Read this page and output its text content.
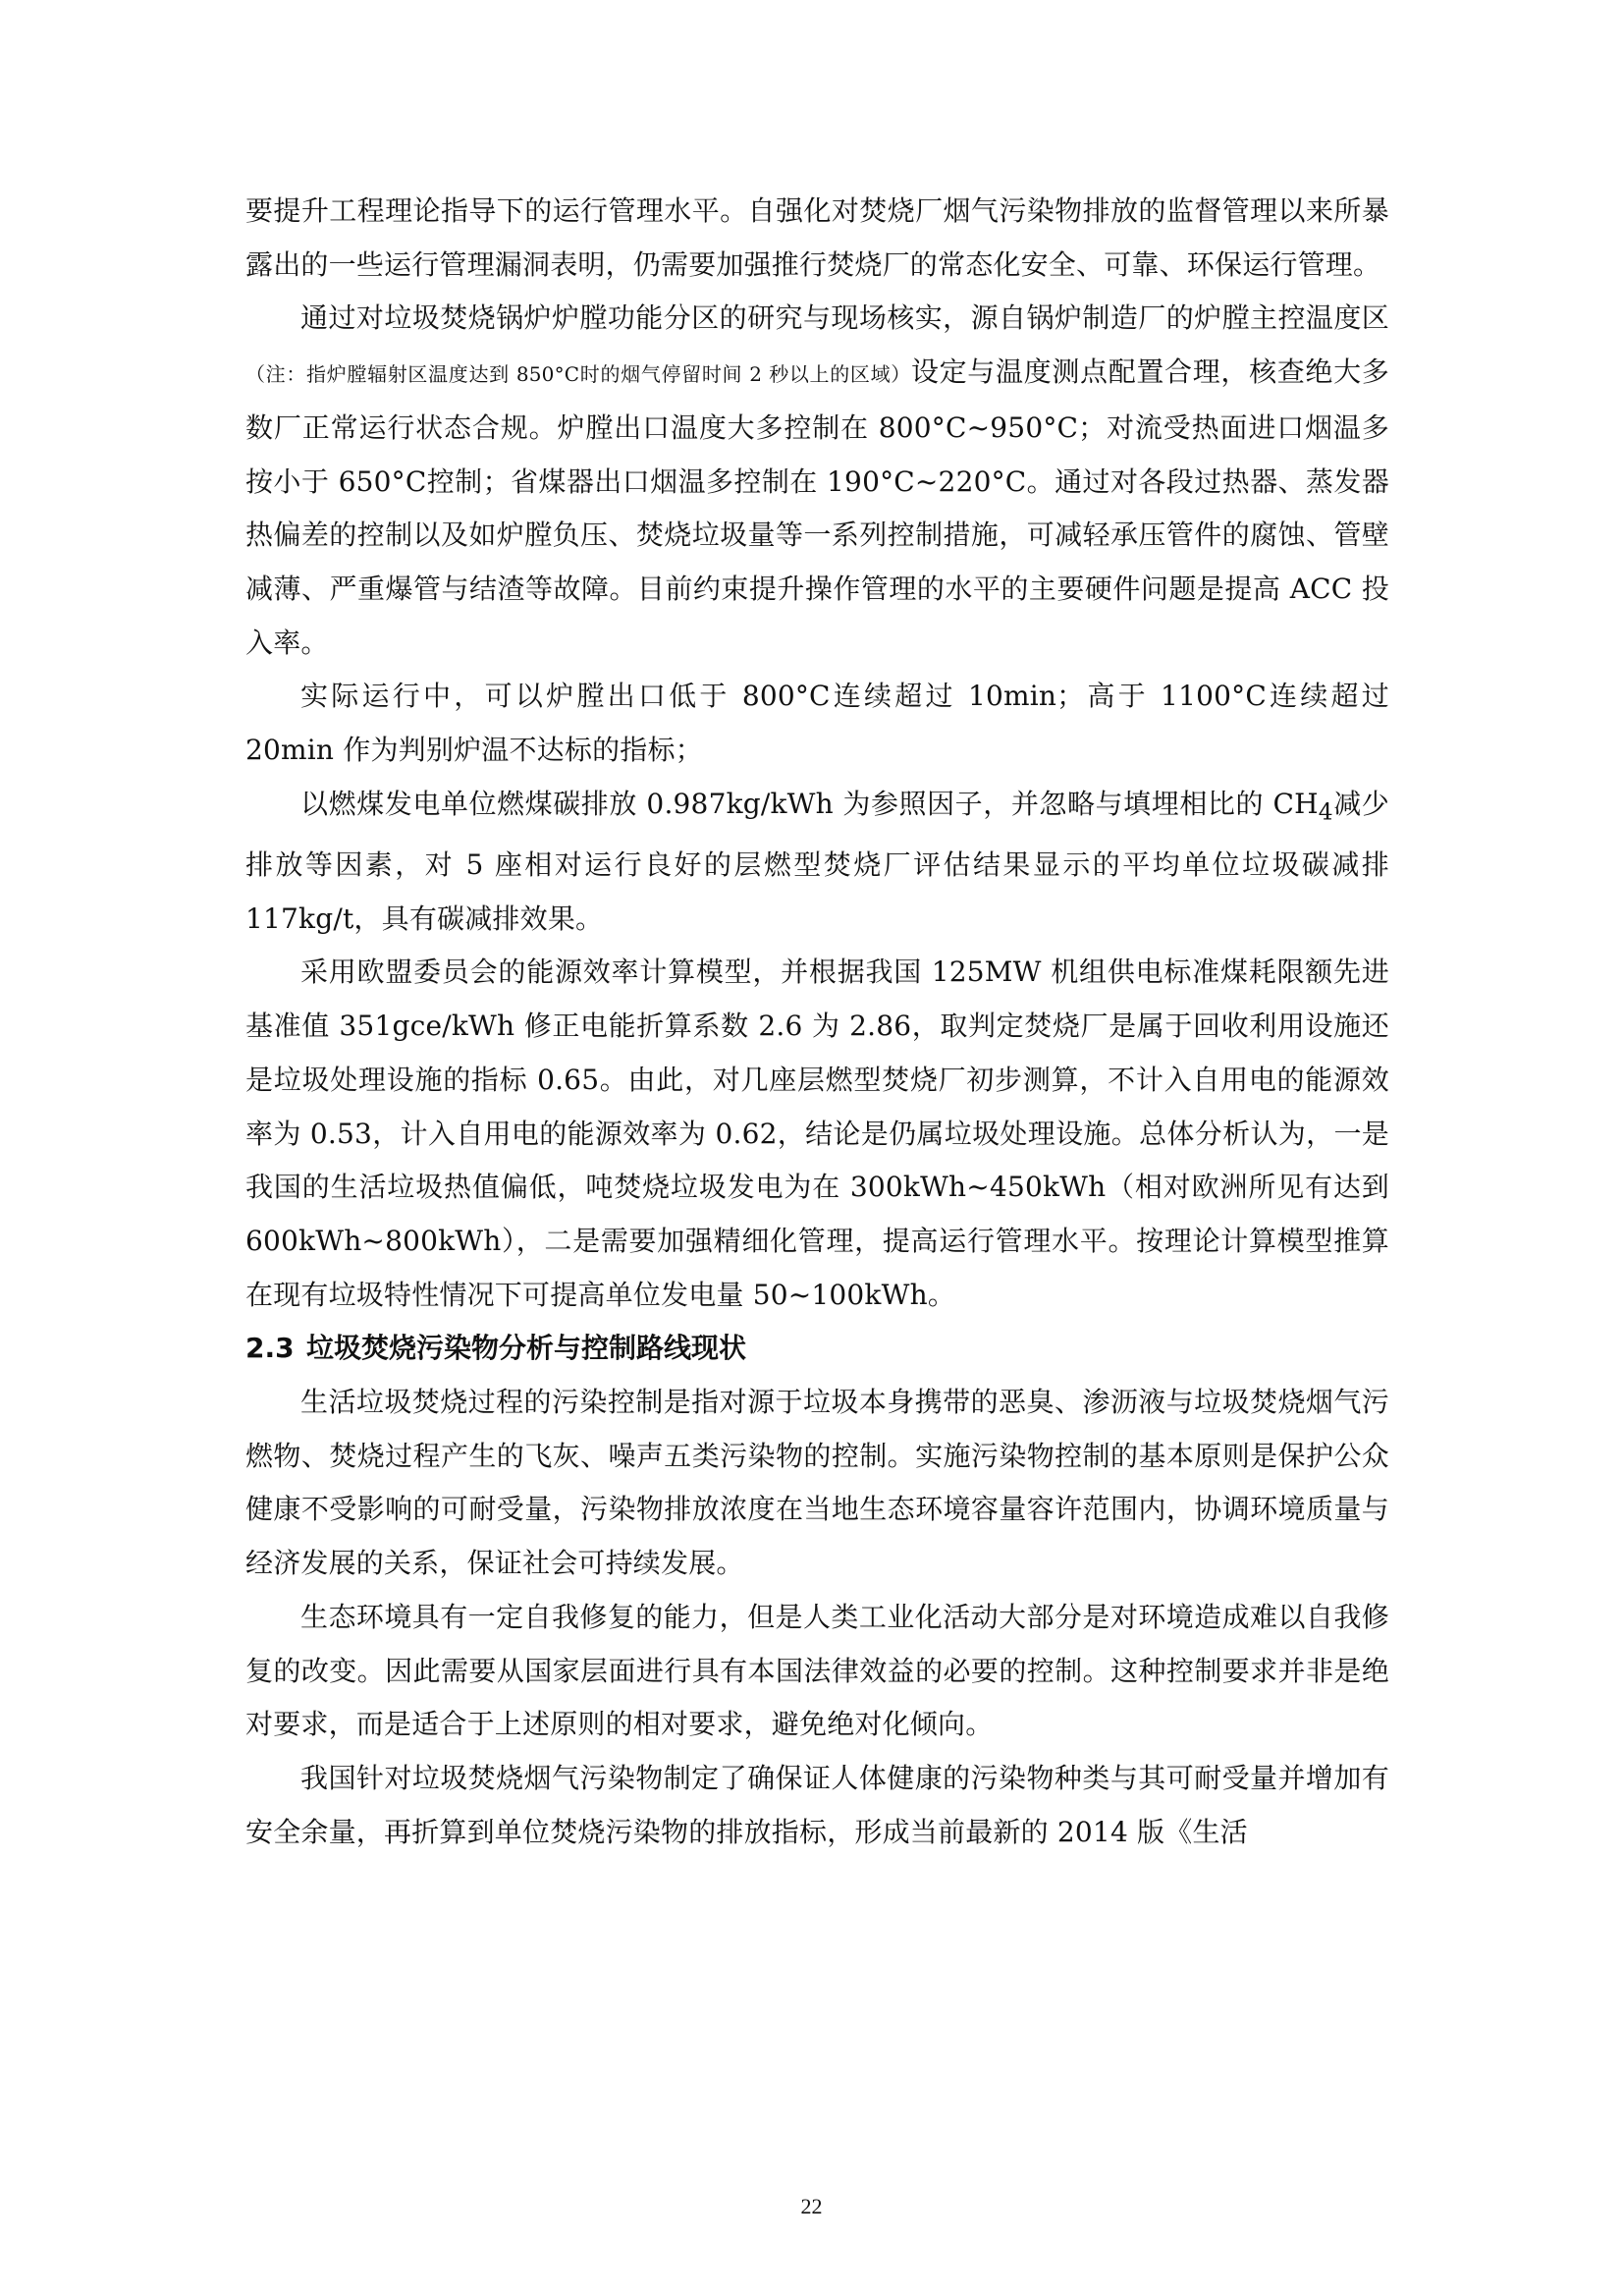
要提升工程理论指导下的运行管理水平。自强化对焚烧厂烟气污染物排放的监督管理以来所暴露出的一些运行管理漏洞表明，仍需要加强推行焚烧厂的常态化安全、可靠、环保运行管理。

通过对垃圾焚烧锅炉炉膛功能分区的研究与现场核实，源自锅炉制造厂的炉膛主控温度区（注：指炉膛辐射区温度达到 850°C时的烟气停留时间 2 秒以上的区域）设定与温度测点配置合理，核查绝大多数厂正常运行状态合规。炉膛出口温度大多控制在 800°C~950°C；对流受热面进口烟温多按小于 650°C控制；省煤器出口烟温多控制在 190°C~220°C。通过对各段过热器、蒸发器热偏差的控制以及如炉膛负压、焚烧垃圾量等一系列控制措施，可减轻承压管件的腐蚀、管壁减薄、严重爆管与结渣等故障。目前约束提升操作管理的水平的主要硬件问题是提高 ACC 投入率。

实际运行中，可以炉膛出口低于 800°C连续超过 10min；高于 1100°C连续超过 20min 作为判别炉温不达标的指标；

以燃煤发电单位燃煤碳排放 0.987kg/kWh 为参照因子，并忽略与填埋相比的 $CH_4$减少排放等因素，对 5 座相对运行良好的层燃型焚烧厂评估结果显示的平均单位垃圾碳减排 117kg/t，具有碳减排效果。

采用欧盟委员会的能源效率计算模型，并根据我国 125MW 机组供电标准煤耗限额先进基准值 351gce/kWh 修正电能折算系数 2.6 为 2.86，取判定焚烧厂是属于回收利用设施还是垃圾处理设施的指标 0.65。由此，对几座层燃型焚烧厂初步测算，不计入自用电的能源效率为 0.53，计入自用电的能源效率为 0.62，结论是仍属垃圾处理设施。总体分析认为，一是我国的生活垃圾热值偏低，吨焚烧垃圾发电为在 300kWh~450kWh（相对欧洲所见有达到 600kWh~800kWh），二是需要加强精细化管理，提高运行管理水平。按理论计算模型推算在现有垃圾特性情况下可提高单位发电量 50~100kWh。

2.3 垃圾焚烧污染物分析与控制路线现状

生活垃圾焚烧过程的污染控制是指对源于垃圾本身携带的恶臭、渗沥液与垃圾焚烧烟气污燃物、焚烧过程产生的飞灰、噪声五类污染物的控制。实施污染物控制的基本原则是保护公众健康不受影响的可耐受量，污染物排放浓度在当地生态环境容量容许范围内，协调环境质量与经济发展的关系，保证社会可持续发展。

生态环境具有一定自我修复的能力，但是人类工业化活动大部分是对环境造成难以自我修复的改变。因此需要从国家层面进行具有本国法律效益的必要的控制。这种控制要求并非是绝对要求，而是适合于上述原则的相对要求，避免绝对化倾向。

我国针对垃圾焚烧烟气污染物制定了确保证人体健康的污染物种类与其可耐受量并增加有安全余量，再折算到单位焚烧污染物的排放指标，形成当前最新的 2014 版《生活

22
